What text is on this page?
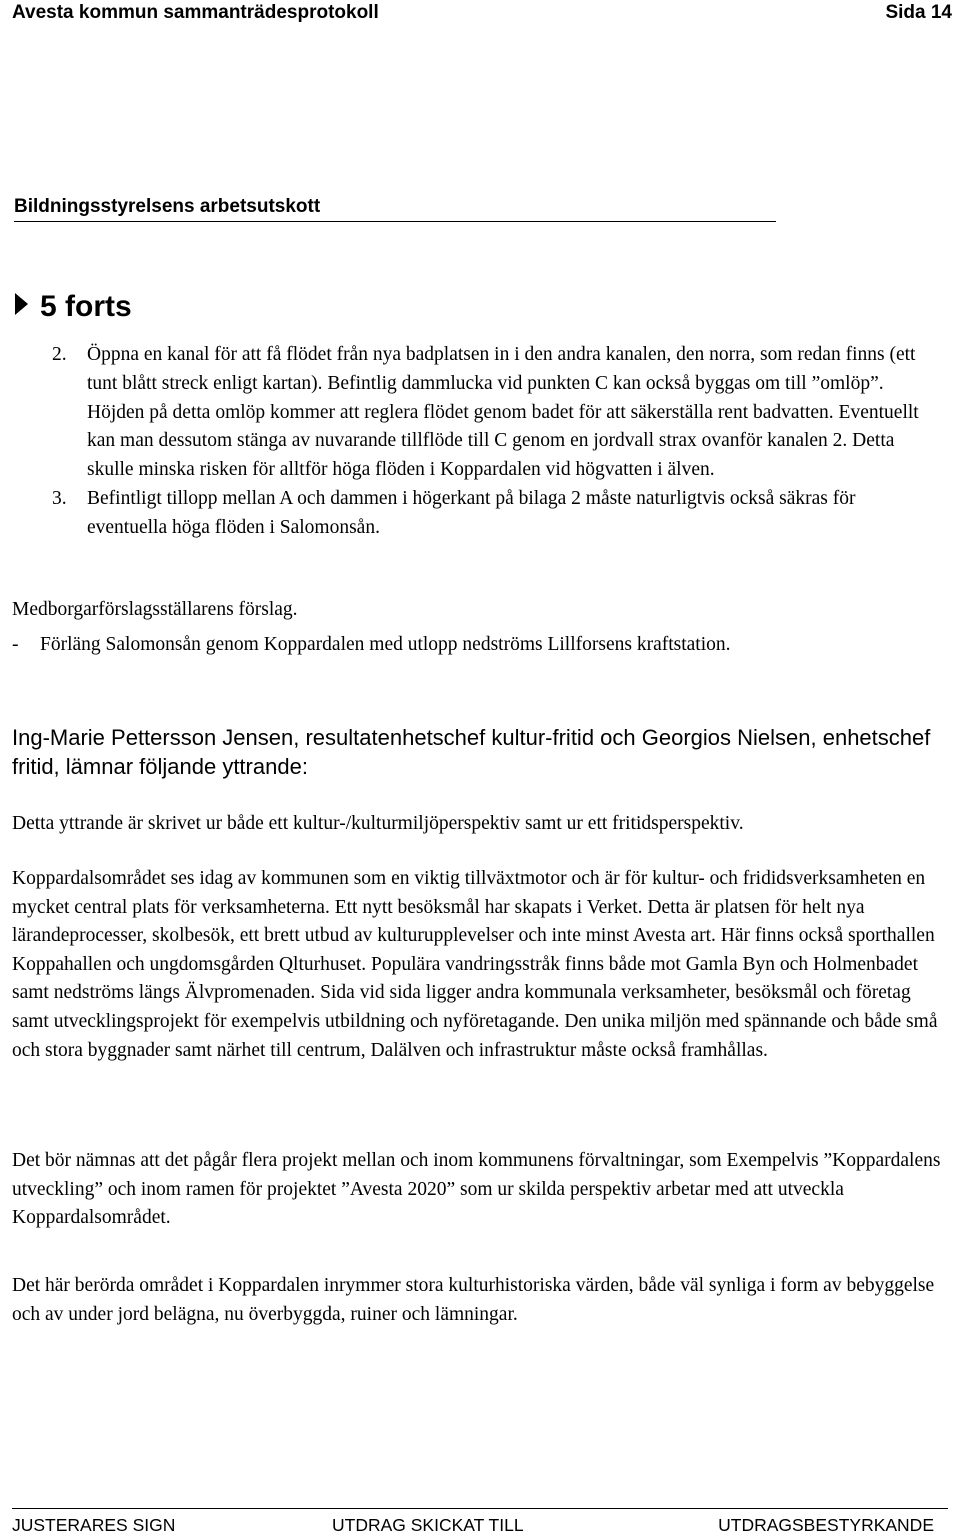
Avesta kommun sammanträdesprotokoll	Sida 14
Bildningsstyrelsens arbetsutskott
5 forts

2. Öppna en kanal för att få flödet från nya badplatsen in i den andra kanalen, den norra, som redan finns (ett tunt blått streck enligt kartan). Befintlig dammlucka vid punkten C kan också byggas om till ”omlöp”. Höjden på detta omlöp kommer att reglera flödet genom badet för att säkerställa rent badvatten. Eventuellt kan man dessutom stänga av nuvarande tillflöde till C genom en jordvall strax ovanför kanalen 2. Detta skulle minska risken för alltför höga flöden i Koppardalen vid högvatten i älven.

3. Befintligt tillopp mellan A och dammen i högerkant på bilaga 2 måste naturligtvis också säkras för eventuella höga flöden i Salomonsån.

Medborgarförslagsställarens förslag.
- Förläng Salomonsån genom Koppardalen med utlopp nedströms Lillforsens kraftstation.
Ing-Marie Pettersson Jensen, resultatenhetschef kultur-fritid och Georgios Nielsen, enhetschef fritid, lämnar följande yttrande:

Detta yttrande är skrivet ur både ett kultur-/kulturmiljöperspektiv samt ur ett fritidsperspektiv.

Koppardalsområdet ses idag av kommunen som en viktig tillväxtmotor och är för kultur- och frididsverksamheten en mycket central plats för verksamheterna. Ett nytt besöksmål har skapats i Verket. Detta är platsen för helt nya lärandeprocesser, skolbesök, ett brett utbud av kulturupplevelser och inte minst Avesta art. Här finns också sporthallen Koppahallen och ungdomsgården Qlturhuset. Populära vandringsstråk finns både mot Gamla Byn och Holmenbadet samt nedströms längs Älvpromenaden. Sida vid sida ligger andra kommunala verksamheter, besöksmål och företag samt utvecklingsprojekt för exempelvis utbildning och nyföretagande. Den unika miljön med spännande och både små och stora byggnader samt närhet till centrum, Dalälven och infrastruktur måste också framhållas.

Det bör nämnas att det pågår flera projekt mellan och inom kommunens förvaltningar, som Exempelvis ”Koppardalens utveckling” och inom ramen för projektet ”Avesta 2020” som ur skilda perspektiv arbetar med att utveckla Koppardalsområdet.

Det här berörda området i Koppardalen inrymmer stora kulturhistoriska värden, både väl synliga i form av bebyggelse och av under jord belägna, nu överbyggda, ruiner och lämningar.

JUSTERARES SIGN	UTDRAG SKICKAT TILL	UTDRAGSBESTYRKANDE
